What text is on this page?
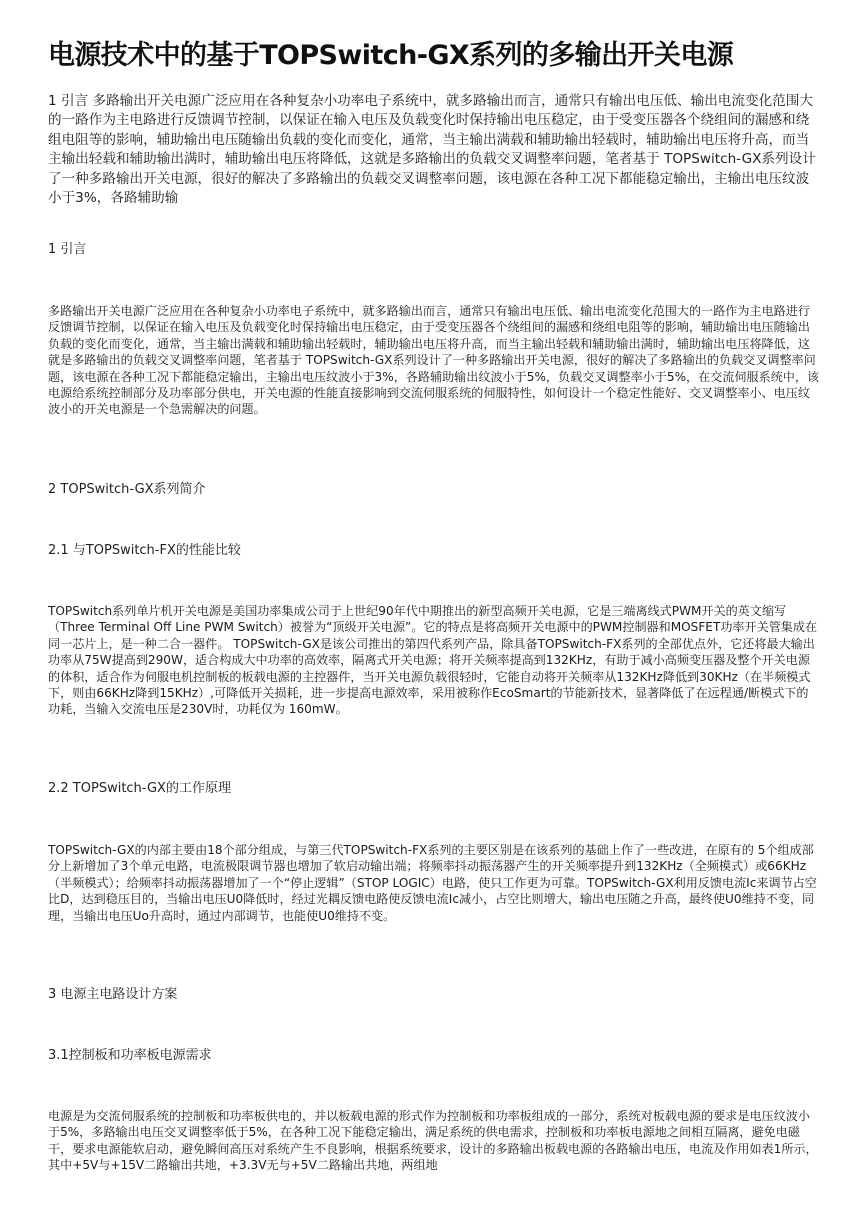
电源技术中的基于TOPSwitch-GX系列的多输出开关电源

1 引言 多路输出开关电源广泛应用在各种复杂小功率电子系统中，就多路输出而言，通常只有输出电压低、输出电流变化范围大的一路作为主电路进行反馈调节控制，以保证在输入电压及负载变化时保持输出电压稳定，由于受变压器各个绕组间的漏感和绕组电阻等的影响，辅助输出电压随输出负载的变化而变化，通常，当主输出满载和辅助输出轻载时，辅助输出电压将升高，而当主输出轻载和辅助输出满时，辅助输出电压将降低，这就是多路输出的负载交叉调整率问题，笔者基于 TOPSwitch-GX系列设计了一种多路输出开关电源，很好的解决了多路输出的负载交叉调整率问题，该电源在各种工况下都能稳定输出，主输出电压纹波小于3%，各路辅助输

1 引言

多路输出开关电源广泛应用在各种复杂小功率电子系统中，就多路输出而言，通常只有输出电压低、输出电流变化范围大的一路作为主电路进行反馈调节控制，以保证在输入电压及负载变化时保持输出电压稳定，由于受变压器各个绕组间的漏感和绕组电阻等的影响，辅助输出电压随输出负载的变化而变化，通常，当主输出满载和辅助输出轻载时，辅助输出电压将升高，而当主输出轻载和辅助输出满时，辅助输出电压将降低，这就是多路输出的负载交叉调整率问题，笔者基于 TOPSwitch-GX系列设计了一种多路输出开关电源，很好的解决了多路输出的负载交叉调整率问题，该电源在各种工况下都能稳定输出，主输出电压纹波小于3%，各路辅助输出纹波小于5%，负载交叉调整率小于5%，在交流伺服系统中，该电源给系统控制部分及功率部分供电，开关电源的性能直接影响到交流伺服系统的伺服特性，如何设计一个稳定性能好、交叉调整率小、电压纹波小的开关电源是一个急需解决的问题。

2 TOPSwitch-GX系列简介
2.1 与TOPSwitch-FX的性能比较

TOPSwitch系列单片机开关电源是美国功率集成公司于上世纪90年代中期推出的新型高频开关电源，它是三端离线式PWM开关的英文缩写（Three Terminal Off Line PWM Switch）被誉为“顶级开关电源”。它的特点是将高频开关电源中的PWM控制器和MOSFET功率开关管集成在同一芯片上，是一种二合一器件。 TOPSwitch-GX是该公司推出的第四代系列产品，除具备TOPSwitch-FX系列的全部优点外，它还将最大输出功率从75W提高到290W，适合构成大中功率的高效率，隔离式开关电源；将开关频率提高到132KHz，有助于减小高频变压器及整个开关电源的体积，适合作为伺服电机控制板的板载电源的主控器件，当开关电源负载很轻时，它能自动将开关频率从132KHz降低到30KHz（在半频模式下，则由66KHz降到15KHz）,可降低开关损耗，进一步提高电源效率，采用被称作EcoSmart的节能新技术，显著降低了在远程通/断模式下的功耗，当输入交流电压是230V时，功耗仅为 160mW。

2.2 TOPSwitch-GX的工作原理

TOPSwitch-GX的内部主要由18个部分组成，与第三代TOPSwitch-FX系列的主要区别是在该系列的基础上作了一些改进，在原有的 5个组成部分上新增加了3个单元电路，电流极限调节器也增加了软启动输出端；将频率抖动振荡器产生的开关频率提升到132KHz（全频模式）或66KHz （半频模式）；给频率抖动振荡器增加了一个“停止逻辑”（STOP LOGIC）电路，使只工作更为可靠。TOPSwitch-GX利用反馈电流Ic来调节占空比D，达到稳压目的，当输出电压U0降低时，经过光耦反馈电路使反馈电流Ic减小，占空比则增大，输出电压随之升高，最终使U0维持不变，同理，当输出电压Uo升高时，通过内部调节，也能使U0维持不变。

3 电源主电路设计方案
3.1控制板和功率板电源需求

电源是为交流伺服系统的控制板和功率板供电的，并以板载电源的形式作为控制板和功率板组成的一部分，系统对板载电源的要求是电压纹波小于5%，多路输出电压交叉调整率低于5%，在各种工况下能稳定输出，满足系统的供电需求，控制板和功率板电源地之间相互隔离，避免电磁干，要求电源能软启动，避免瞬间高压对系统产生不良影响，根据系统要求，设计的多路输出板载电源的各路输出电压，电流及作用如表1所示，其中+5V与+15V二路输出共地，+3.3V无与+5V二路输出共地，两组地
